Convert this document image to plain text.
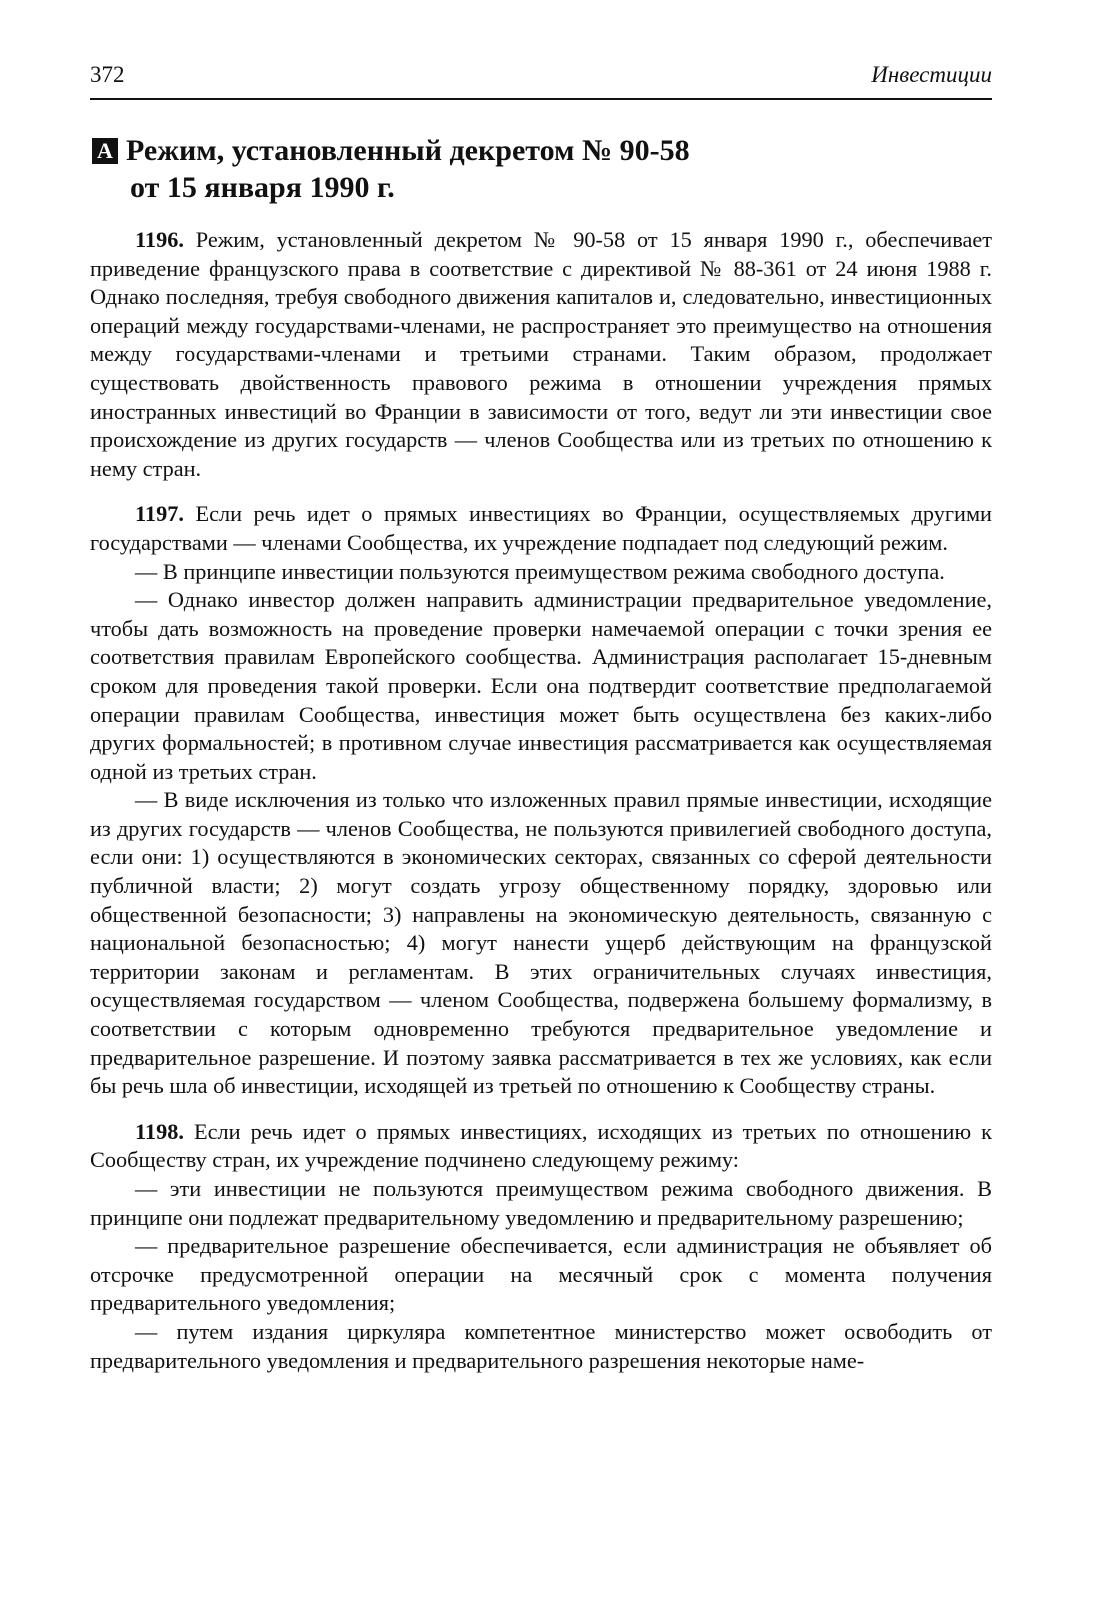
372	Инвестиции
A Режим, установленный декретом № 90-58
от 15 января 1990 г.

1196. Режим, установленный декретом № 90-58 от 15 января 1990 г., обеспечивает приведение французского права в соответствие с директивой № 88-361 от 24 июня 1988 г. Однако последняя, требуя свободного движения капиталов и, следовательно, инвестиционных операций между государствами-членами, не распространяет это преимущество на отношения между государствами-членами и третьими странами. Таким образом, продолжает существовать двойственность правового режима в отношении учреждения прямых иностранных инвестиций во Франции в зависимости от того, ведут ли эти инвестиции свое происхождение из других государств — членов Сообщества или из третьих по отношению к нему стран.

1197. Если речь идет о прямых инвестициях во Франции, осуществляемых другими государствами — членами Сообщества, их учреждение подпадает под следующий режим.

— В принципе инвестиции пользуются преимуществом режима свободного доступа.

— Однако инвестор должен направить администрации предварительное уведомление, чтобы дать возможность на проведение проверки намечаемой операции с точки зрения ее соответствия правилам Европейского сообщества. Администрация располагает 15-дневным сроком для проведения такой проверки. Если она подтвердит соответствие предполагаемой операции правилам Сообщества, инвестиция может быть осуществлена без каких-либо других формальностей; в противном случае инвестиция рассматривается как осуществляемая одной из третьих стран.

— В виде исключения из только что изложенных правил прямые инвестиции, исходящие из других государств — членов Сообщества, не пользуются привилегией свободного доступа, если они: 1) осуществляются в экономических секторах, связанных со сферой деятельности публичной власти; 2) могут создать угрозу общественному порядку, здоровью или общественной безопасности; 3) направлены на экономическую деятельность, связанную с национальной безопасностью; 4) могут нанести ущерб действующим на французской территории законам и регламентам. В этих ограничительных случаях инвестиция, осуществляемая государством — членом Сообщества, подвержена большему формализму, в соответствии с которым одновременно требуются предварительное уведомление и предварительное разрешение. И поэтому заявка рассматривается в тех же условиях, как если бы речь шла об инвестиции, исходящей из третьей по отношению к Сообществу страны.

1198. Если речь идет о прямых инвестициях, исходящих из третьих по отношению к Сообществу стран, их учреждение подчинено следующему режиму:

— эти инвестиции не пользуются преимуществом режима свободного движения. В принципе они подлежат предварительному уведомлению и предварительному разрешению;

— предварительное разрешение обеспечивается, если администрация не объявляет об отсрочке предусмотренной операции на месячный срок с момента получения предварительного уведомления;

— путем издания циркуляра компетентное министерство может освободить от предварительного уведомления и предварительного разрешения некоторые наме-
